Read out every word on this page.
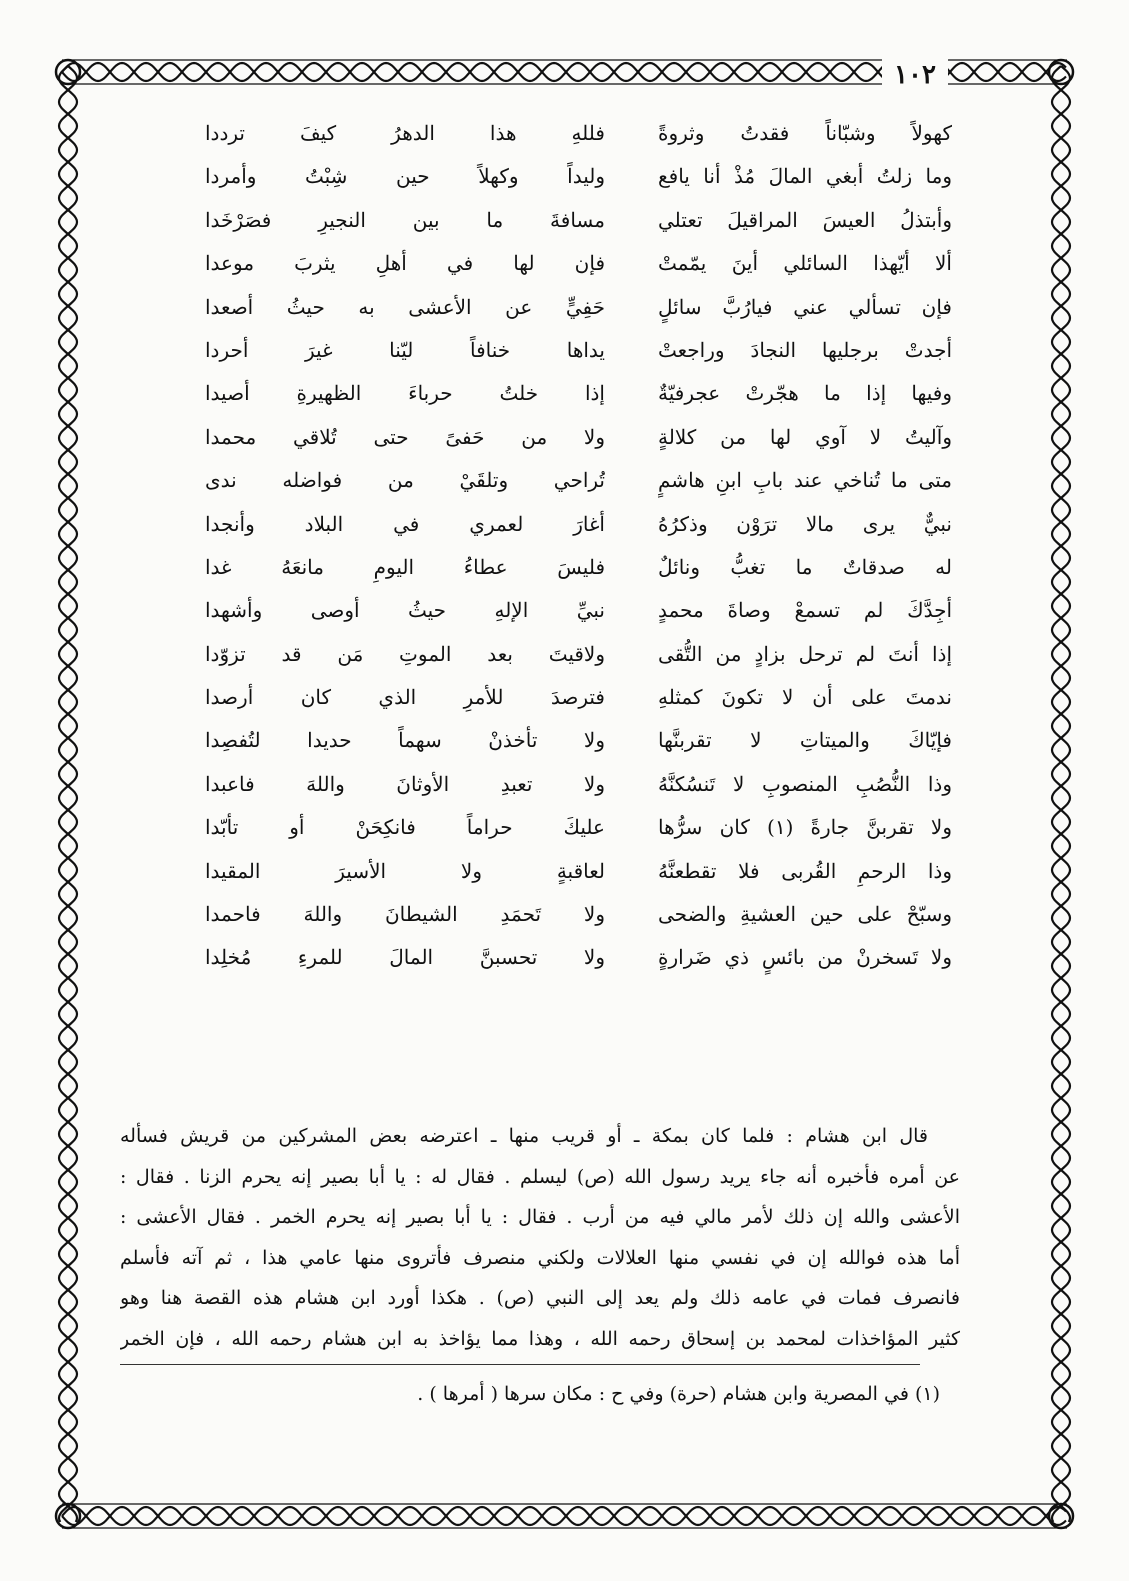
١٠٢
كهولاً وشبّاناً فقدتُ وثروةً
فللهِ هذا الدهرُ كيفَ ترددا
وما زلتُ أبغي المالَ مُذْ أنا يافع
وليداً وكهلاً حين شِبْتُ وأمردا
وأبتذلُ العيسَ المراقيلَ تعتلي
مسافةَ ما بين النجيرِ فصَرْخَدا
ألا أيّهذا السائلي أينَ يمّمتْ
فإن لها في أهلِ يثربَ موعدا
فإن تسألي عني فيارُبَّ سائلٍ
حَفِيٍّ عن الأعشى به حيثُ أصعدا
أجدتْ برجليها النجادَ وراجعتْ
يداها خنافاً ليّنا غيرَ أحردا
وفيها إذا ما هجّرتْ عجرفيّةٌ
إذا خلتُ حرباءَ الظهيرةِ أصيدا
وآليتُ لا آوي لها من كلالةٍ
ولا من حَفىً حتى تُلاقي محمدا
متى ما تُناخي عند بابِ ابنِ هاشمٍ
تُراحي وتلقَيْ من فواضله ندى
نبيٌّ يرى مالا ترَوْن وذكرُهُ
أغارَ لعمري في البلاد وأنجدا
له صدقاتٌ ما تغبُّ ونائلٌ
فليسَ عطاءُ اليومِ مانعَهُ غدا
أجِدَّكَ لم تسمعْ وصاةَ محمدٍ
نبيِّ الإلهِ حيثُ أوصى وأشهدا
إذا أنتَ لم ترحل بزادٍ من التُّقى
ولاقيتَ بعد الموتِ مَن قد تزوّدا
ندمتَ على أن لا تكونَ كمثلهِ
فترصدَ للأمرِ الذي كان أرصدا
فإيّاكَ والميتاتِ لا تقربنَّها
ولا تأخذنْ سهماً حديدا لتُفصِدا
وذا النُّصُبِ المنصوبِ لا تَنسُكنَّهُ
ولا تعبدِ الأوثانَ واللهَ فاعبدا
ولا تقربنَّ جارةً (١) كان سرُّها
عليكَ حراماً فانكِحَنْ أو تأبّدا
وذا الرحمِ القُربى فلا تقطعنَّهُ
لعاقبةٍ ولا الأسيرَ المقيدا
وسبّحْ على حين العشيةِ والضحى
ولا تَحمَدِ الشيطانَ واللهَ فاحمدا
ولا تَسخرنْ من بائسٍ ذي ضَرارةٍ
ولا تحسبنَّ المالَ للمرءِ مُخلِدا
قال ابن هشام : فلما كان بمكة ـ أو قريب منها ـ اعترضه بعض المشركين من قريش فسأله
عن أمره فأخبره أنه جاء يريد رسول الله (ص) ليسلم . فقال له : يا أبا بصير إنه يحرم الزنا . فقال :
الأعشى والله إن ذلك لأمر مالي فيه من أرب . فقال : يا أبا بصير إنه يحرم الخمر . فقال الأعشى :
أما هذه فوالله إن في نفسي منها العلالات ولكني منصرف فأتروى منها عامي هذا ، ثم آته فأسلم
فانصرف فمات في عامه ذلك ولم يعد إلى النبي (ص) . هكذا أورد ابن هشام هذه القصة هنا وهو
كثير المؤاخذات لمحمد بن إسحاق رحمه الله ، وهذا مما يؤاخذ به ابن هشام رحمه الله ، فإن الخمر
(١) في المصرية وابن هشام (حرة) وفي ح : مكان سرها ( أمرها ) .
